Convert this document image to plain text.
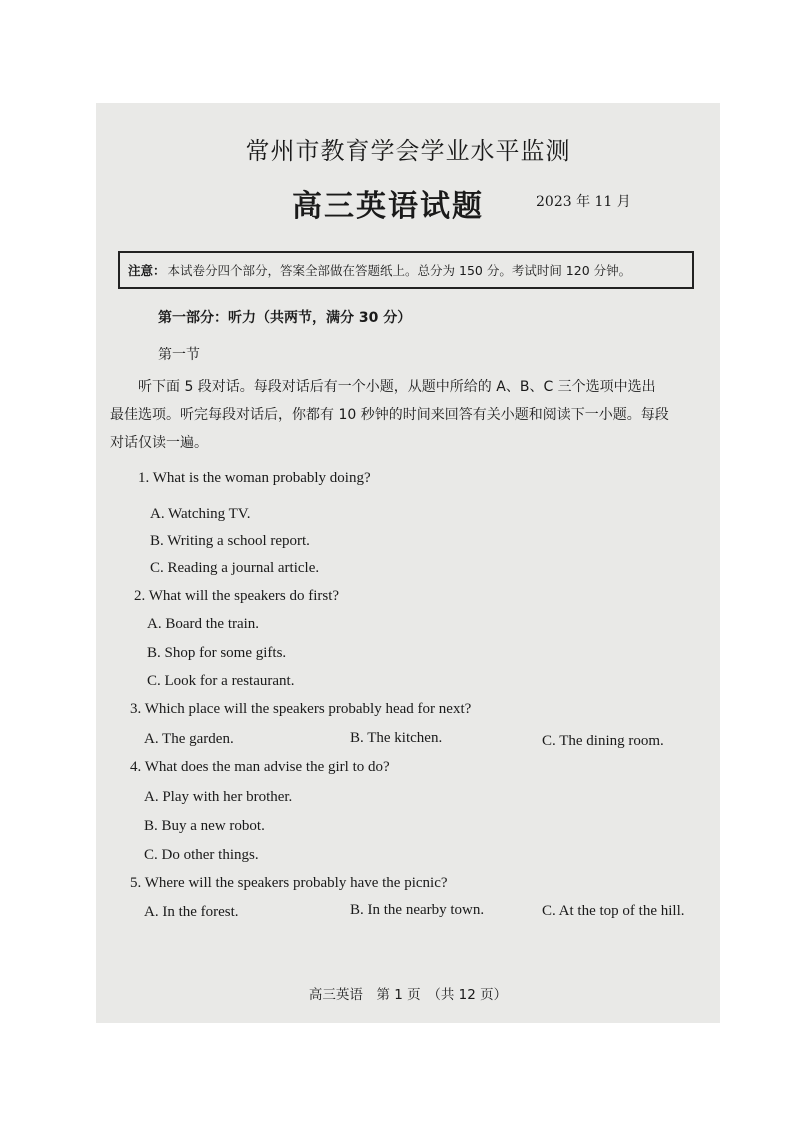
常州市教育学会学业水平监测
高三英语试题	2023 年 11 月
注意： 本试卷分四个部分，答案全部做在答题纸上。总分为 150 分。考试时间 120 分钟。
第一部分：听力（共两节，满分 30 分）
第一节
听下面 5 段对话。每段对话后有一个小题，从题中所给的 A、B、C 三个选项中选出
最佳选项。听完每段对话后，你都有 10 秒钟的时间来回答有关小题和阅读下一小题。每段
对话仅读一遍。
1. What is the woman probably doing?
A. Watching TV.
B. Writing a school report.
C. Reading a journal article.
2. What will the speakers do first?
A. Board the train.
B. Shop for some gifts.
C. Look for a restaurant.
3. Which place will the speakers probably head for next?
A. The garden.	B. The kitchen.	C. The dining room.
4. What does the man advise the girl to do?
A. Play with her brother.
B. Buy a new robot.
C. Do other things.
5. Where will the speakers probably have the picnic?
A. In the forest.	B. In the nearby town.	C. At the top of the hill.
高三英语　第 1 页　（共 12 页）
